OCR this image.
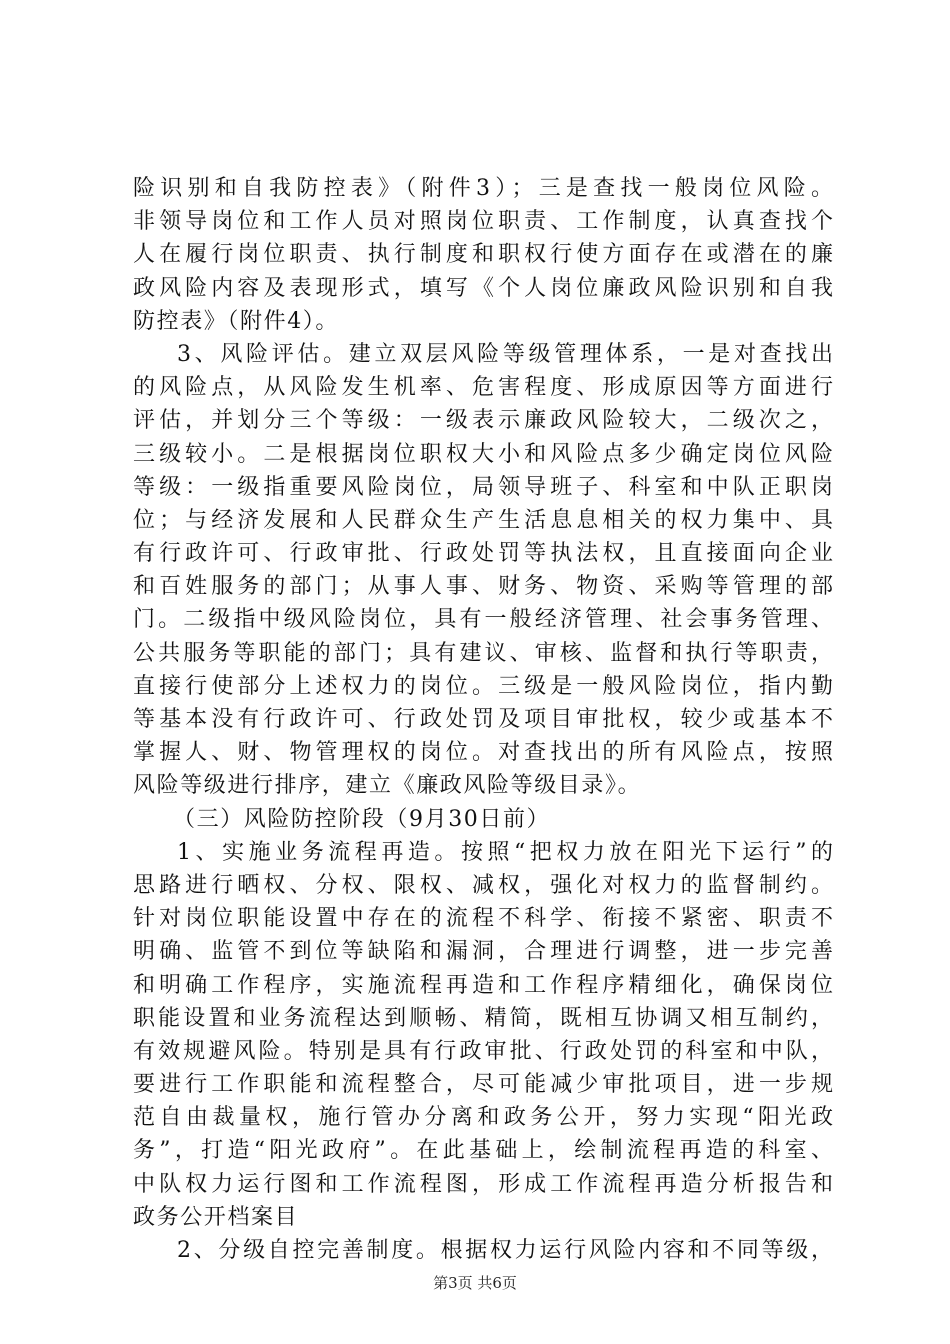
险识别和自我防控表》（附件3）；三是查找一般岗位风险。
非领导岗位和工作人员对照岗位职责、工作制度，认真查找个
人在履行岗位职责、执行制度和职权行使方面存在或潜在的廉
政风险内容及表现形式，填写《个人岗位廉政风险识别和自我
防控表》（附件4）。
3、风险评估。建立双层风险等级管理体系，一是对查找出
的风险点，从风险发生机率、危害程度、形成原因等方面进行
评估，并划分三个等级：一级表示廉政风险较大，二级次之，
三级较小。二是根据岗位职权大小和风险点多少确定岗位风险
等级：一级指重要风险岗位，局领导班子、科室和中队正职岗
位；与经济发展和人民群众生产生活息息相关的权力集中、具
有行政许可、行政审批、行政处罚等执法权，且直接面向企业
和百姓服务的部门；从事人事、财务、物资、采购等管理的部
门。二级指中级风险岗位，具有一般经济管理、社会事务管理、
公共服务等职能的部门；具有建议、审核、监督和执行等职责，
直接行使部分上述权力的岗位。三级是一般风险岗位，指内勤
等基本没有行政许可、行政处罚及项目审批权，较少或基本不
掌握人、财、物管理权的岗位。对查找出的所有风险点，按照
风险等级进行排序，建立《廉政风险等级目录》。
（三）风险防控阶段（9月30日前）
1、实施业务流程再造。按照“把权力放在阳光下运行”的
思路进行晒权、分权、限权、减权，强化对权力的监督制约。
针对岗位职能设置中存在的流程不科学、衔接不紧密、职责不
明确、监管不到位等缺陷和漏洞，合理进行调整，进一步完善
和明确工作程序，实施流程再造和工作程序精细化，确保岗位
职能设置和业务流程达到顺畅、精简，既相互协调又相互制约，
有效规避风险。特别是具有行政审批、行政处罚的科室和中队，
要进行工作职能和流程整合，尽可能减少审批项目，进一步规
范自由裁量权，施行管办分离和政务公开，努力实现“阳光政
务”，打造“阳光政府”。在此基础上，绘制流程再造的科室、
中队权力运行图和工作流程图，形成工作流程再造分析报告和
政务公开档案目
2、分级自控完善制度。根据权力运行风险内容和不同等级，
第3页 共6页
